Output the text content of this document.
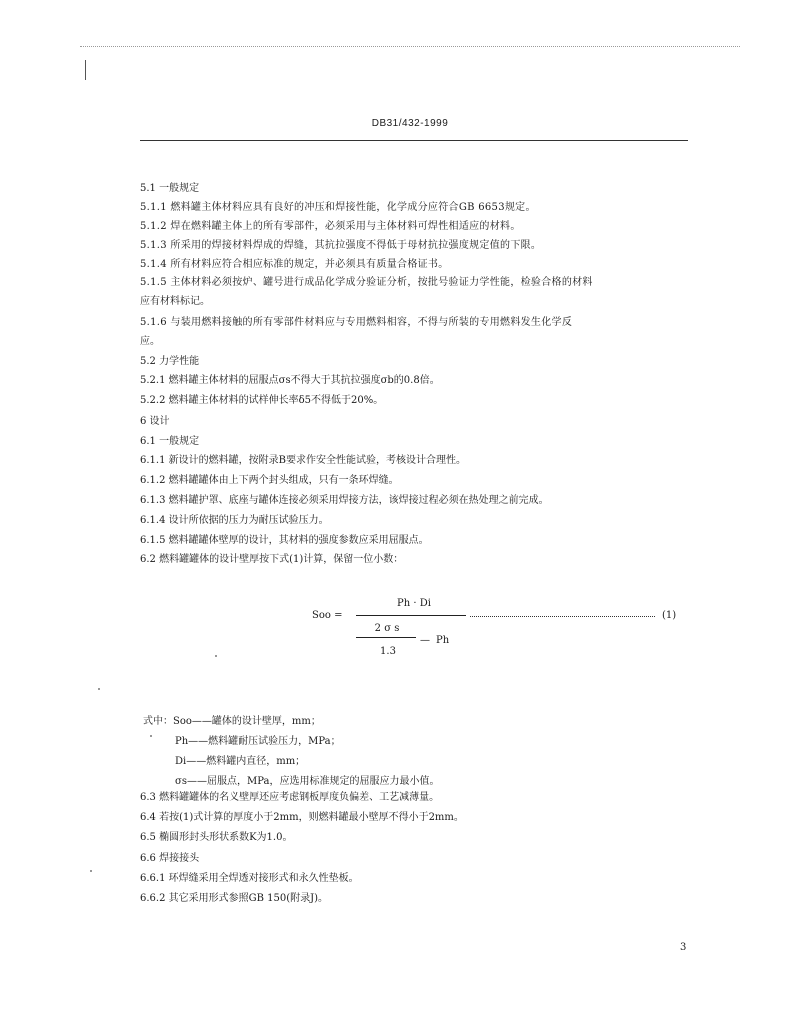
DB31/432-1999
5.1 一般规定
5.1.1 燃料罐主体材料应具有良好的冲压和焊接性能，化学成分应符合GB 6653规定。
5.1.2 焊在燃料罐主体上的所有零部件，必须采用与主体材料可焊性相适应的材料。
5.1.3 所采用的焊接材料焊成的焊缝，其抗拉强度不得低于母材抗拉强度规定值的下限。
5.1.4 所有材料应符合相应标准的规定，并必须具有质量合格证书。
5.1.5 主体材料必须按炉、罐号进行成品化学成分验证分析，按批号验证力学性能，检验合格的材料
应有材料标记。
5.1.6 与装用燃料接触的所有零部件材料应与专用燃料相容，不得与所装的专用燃料发生化学反
应。
5.2 力学性能
5.2.1 燃料罐主体材料的屈服点σs不得大于其抗拉强度σb的0.8倍。
5.2.2 燃料罐主体材料的试样伸长率δ5不得低于20%。
6 设计
6.1 一般规定
6.1.1 新设计的燃料罐，按附录B要求作安全性能试验，考核设计合理性。
6.1.2 燃料罐罐体由上下两个封头组成，只有一条环焊缝。
6.1.3 燃料罐护罩、底座与罐体连接必须采用焊接方法，该焊接过程必须在热处理之前完成。
6.1.4 设计所依据的压力为耐压试验压力。
6.1.5 燃料罐罐体壁厚的设计，其材料的强度参数应采用屈服点。
6.2 燃料罐罐体的设计壁厚按下式(1)计算，保留一位小数：
Soo =
Ph · Di
(1)
2 σ s
— Ph
1.3
式中：Soo——罐体的设计壁厚，mm；
Ph——燃料罐耐压试验压力，MPa；
Di——燃料罐内直径，mm；
σs——屈服点，MPa，应选用标准规定的屈服应力最小值。
6.3 燃料罐罐体的名义壁厚还应考虑钢板厚度负偏差、工艺减薄量。
6.4 若按(1)式计算的厚度小于2mm，则燃料罐最小壁厚不得小于2mm。
6.5 椭圆形封头形状系数K为1.0。
6.6 焊接接头
6.6.1 环焊缝采用全焊透对接形式和永久性垫板。
6.6.2 其它采用形式参照GB 150(附录J)。
3
